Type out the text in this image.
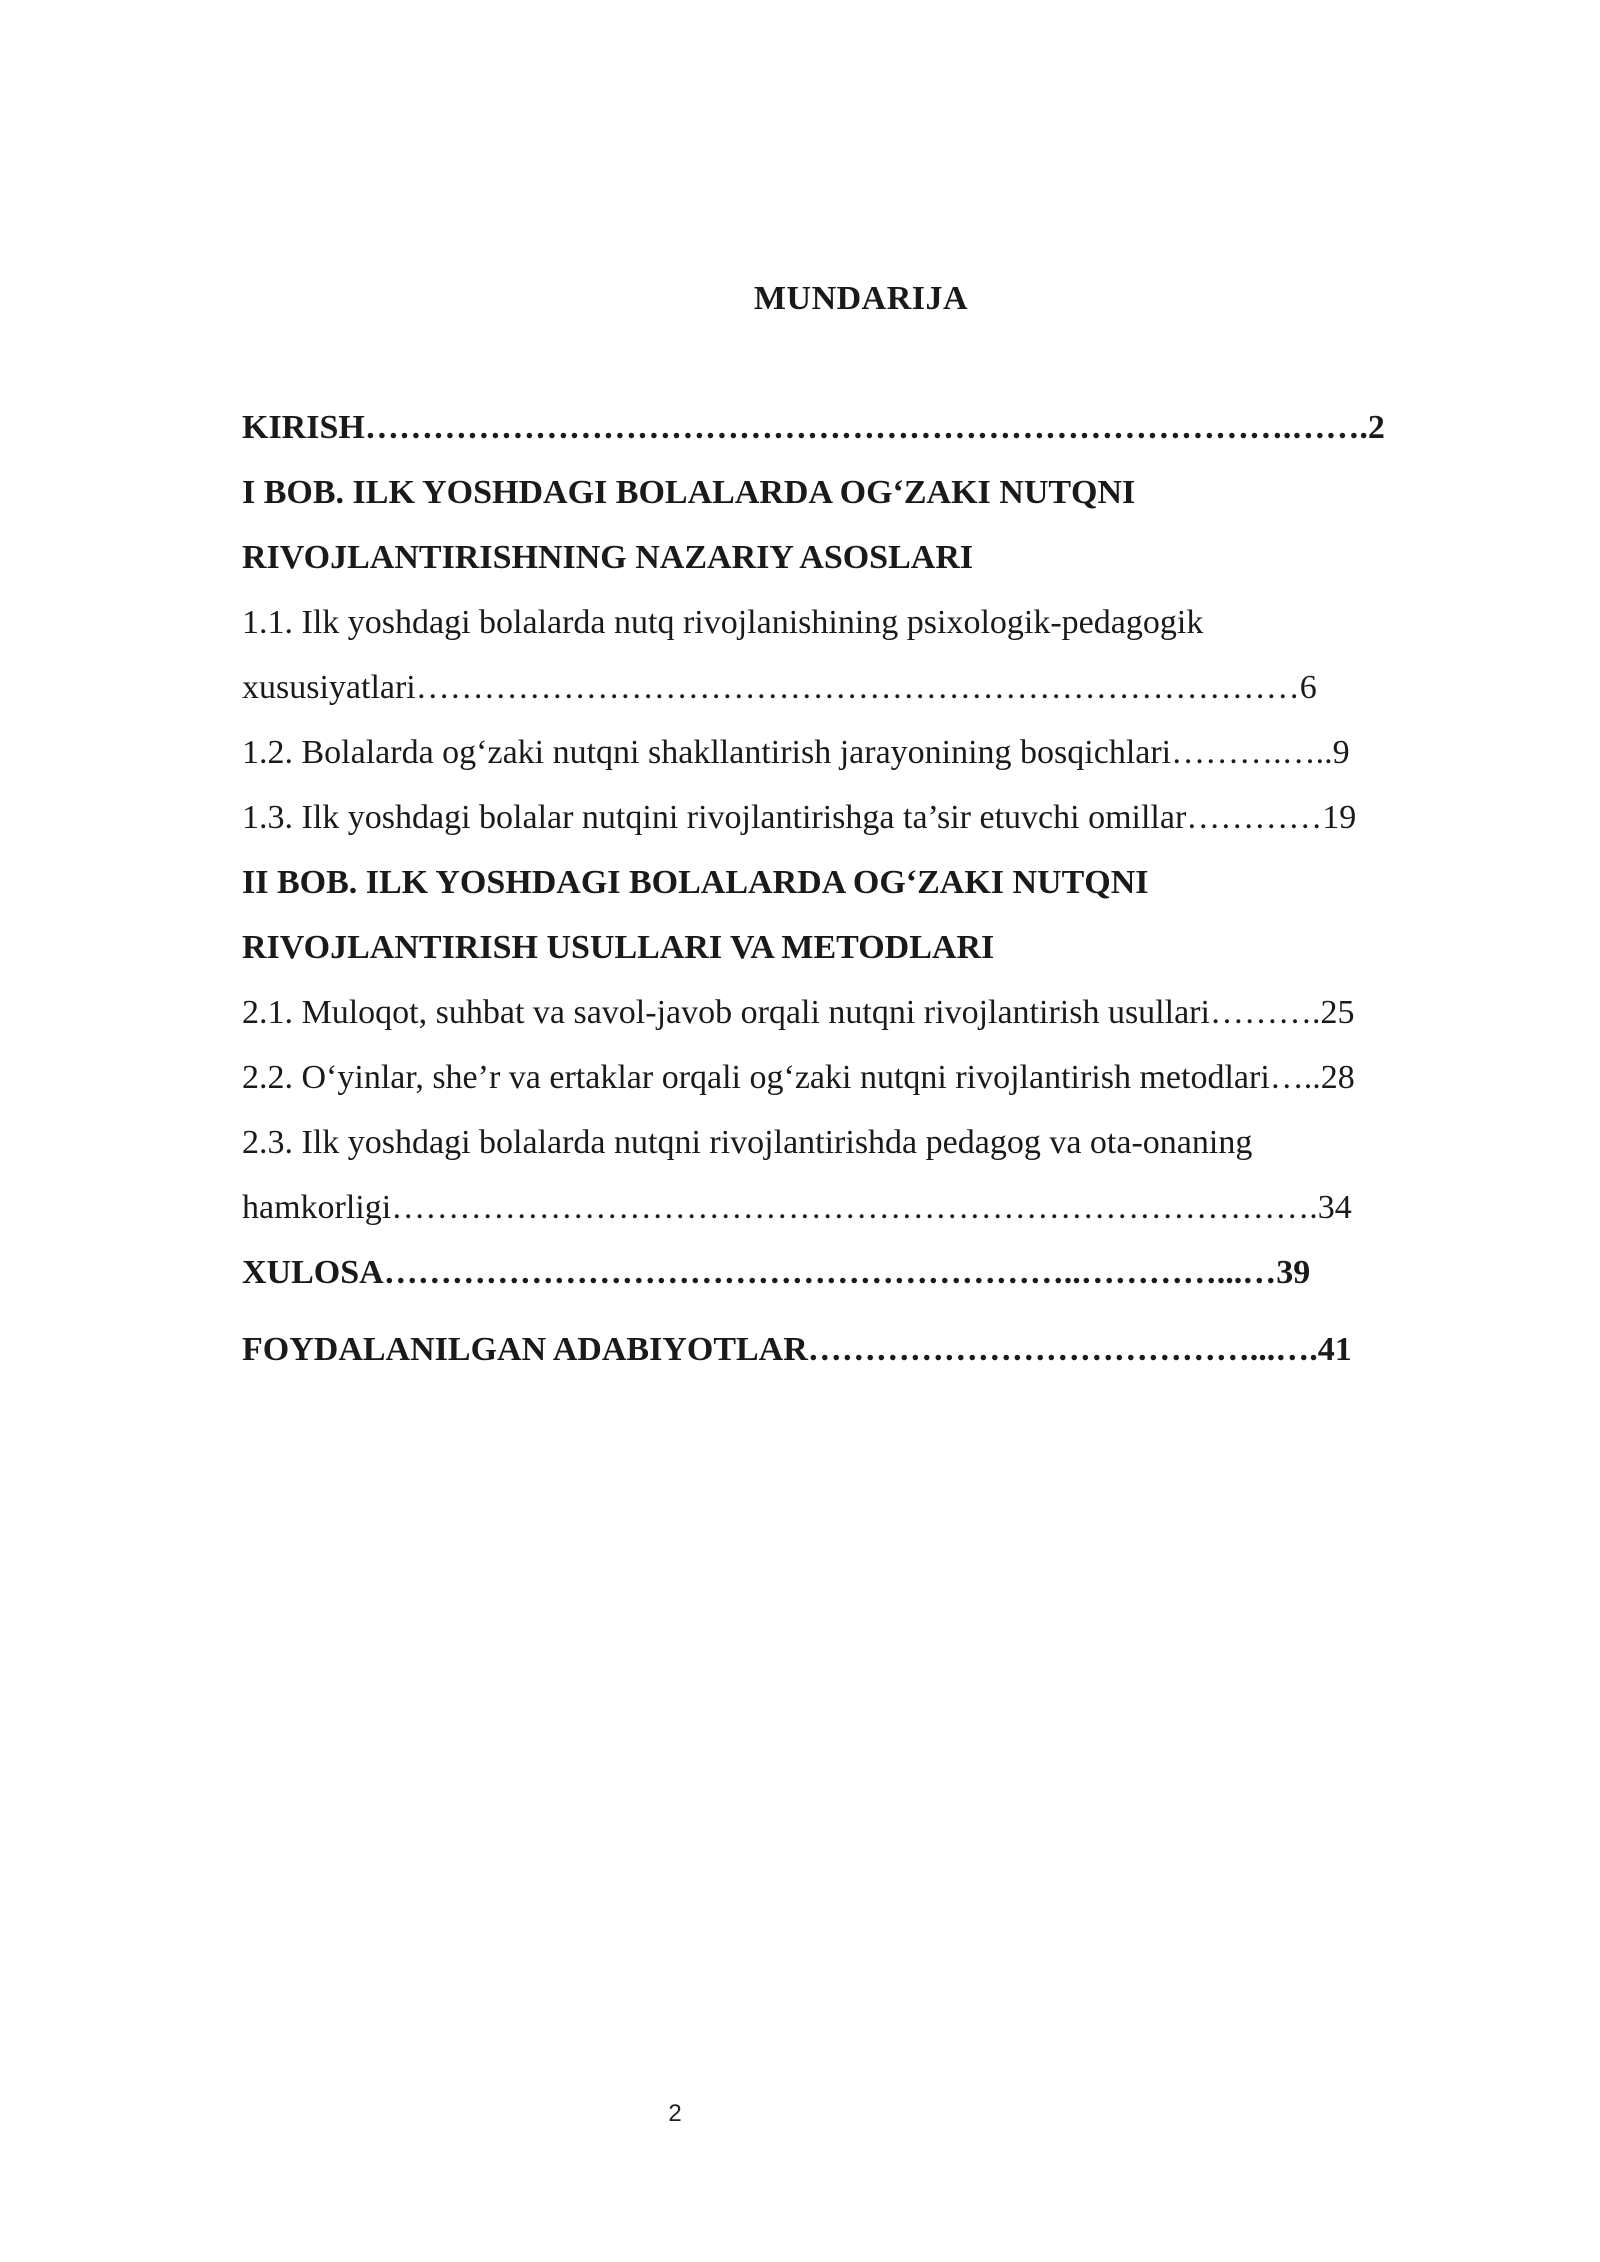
MUNDARIJA
KIRISH……………………………………………………………………….…….2
I BOB. ILK YOSHDAGI BOLALARDA OG‘ZAKI NUTQNI
RIVOJLANTIRISHNING NAZARIY ASOSLARI
1.1. Ilk yoshdagi bolalarda nutq rivojlanishining psixologik-pedagogik
xususiyatlari……………………………………………………………………6
1.2. Bolalarda og‘zaki nutqni shakllantirish jarayonining bosqichlari……….…..9
1.3. Ilk yoshdagi bolalar nutqini rivojlantirishga ta’sir etuvchi omillar…………19
II BOB. ILK YOSHDAGI BOLALARDA OG‘ZAKI NUTQNI
RIVOJLANTIRISH USULLARI VA METODLARI
2.1. Muloqot, suhbat va savol-javob orqali nutqni rivojlantirish usullari……….25
2.2. O‘yinlar, she’r va ertaklar orqali og‘zaki nutqni rivojlantirish metodlari…..28
2.3. Ilk yoshdagi bolalarda nutqni rivojlantirishda pedagog va ota-onaning
hamkorligi……………………………………………………………………….34
XULOSA……………………………………………………..…………...…39
FOYDALANILGAN ADABIYOTLAR…………………………………...….41
2
